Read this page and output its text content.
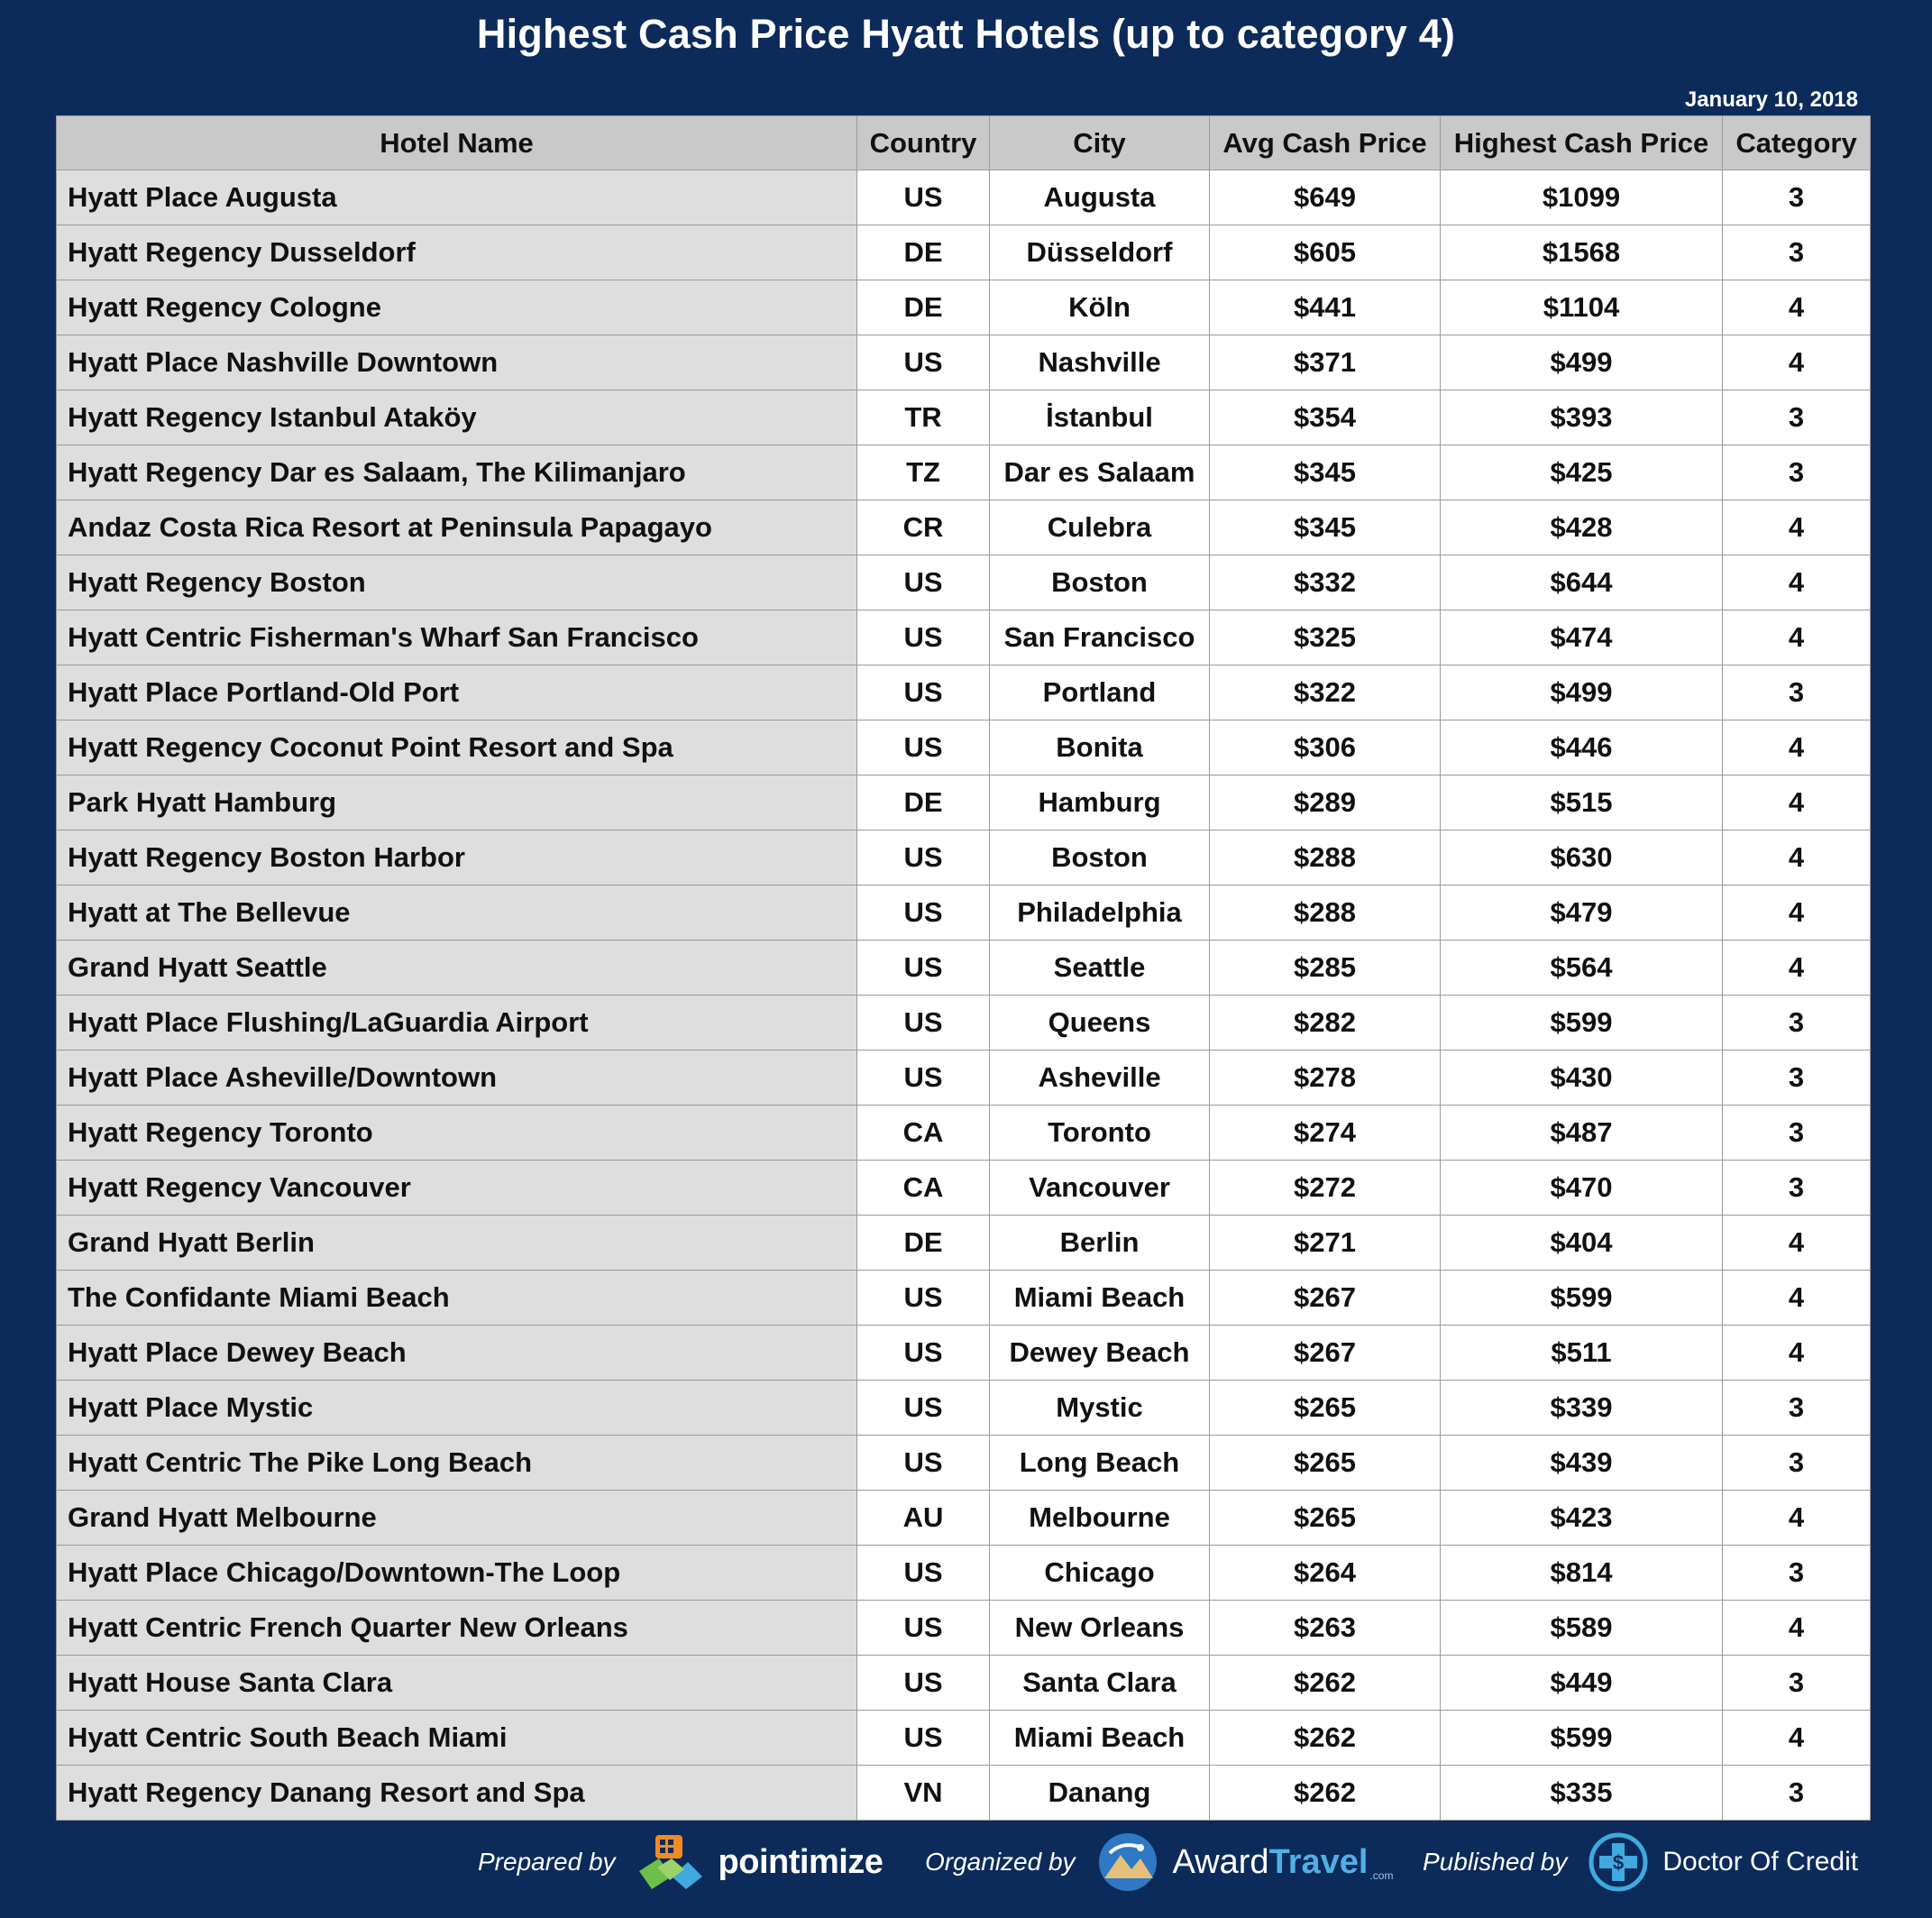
Highest Cash Price Hyatt Hotels (up to category 4)
January 10, 2018
Hotel Name	Country	City	Avg Cash Price	Highest Cash Price	Category
Hyatt Place Augusta	US	Augusta	$649	$1099	3
Hyatt Regency Dusseldorf	DE	Düsseldorf	$605	$1568	3
Hyatt Regency Cologne	DE	Köln	$441	$1104	4
Hyatt Place Nashville Downtown	US	Nashville	$371	$499	4
Hyatt Regency Istanbul Ataköy	TR	İstanbul	$354	$393	3
Hyatt Regency Dar es Salaam, The Kilimanjaro	TZ	Dar es Salaam	$345	$425	3
Andaz Costa Rica Resort at Peninsula Papagayo	CR	Culebra	$345	$428	4
Hyatt Regency Boston	US	Boston	$332	$644	4
Hyatt Centric Fisherman's Wharf San Francisco	US	San Francisco	$325	$474	4
Hyatt Place Portland-Old Port	US	Portland	$322	$499	3
Hyatt Regency Coconut Point Resort and Spa	US	Bonita	$306	$446	4
Park Hyatt Hamburg	DE	Hamburg	$289	$515	4
Hyatt Regency Boston Harbor	US	Boston	$288	$630	4
Hyatt at The Bellevue	US	Philadelphia	$288	$479	4
Grand Hyatt Seattle	US	Seattle	$285	$564	4
Hyatt Place Flushing/LaGuardia Airport	US	Queens	$282	$599	3
Hyatt Place Asheville/Downtown	US	Asheville	$278	$430	3
Hyatt Regency Toronto	CA	Toronto	$274	$487	3
Hyatt Regency Vancouver	CA	Vancouver	$272	$470	3
Grand Hyatt Berlin	DE	Berlin	$271	$404	4
The Confidante Miami Beach	US	Miami Beach	$267	$599	4
Hyatt Place Dewey Beach	US	Dewey Beach	$267	$511	4
Hyatt Place Mystic	US	Mystic	$265	$339	3
Hyatt Centric The Pike Long Beach	US	Long Beach	$265	$439	3
Grand Hyatt Melbourne	AU	Melbourne	$265	$423	4
Hyatt Place Chicago/Downtown-The Loop	US	Chicago	$264	$814	3
Hyatt Centric French Quarter New Orleans	US	New Orleans	$263	$589	4
Hyatt House Santa Clara	US	Santa Clara	$262	$449	3
Hyatt Centric South Beach Miami	US	Miami Beach	$262	$599	4
Hyatt Regency Danang Resort and Spa	VN	Danang	$262	$335	3
Prepared by	pointimize Organized by	AwardTravel .com Published by $ Doctor Of Credit
